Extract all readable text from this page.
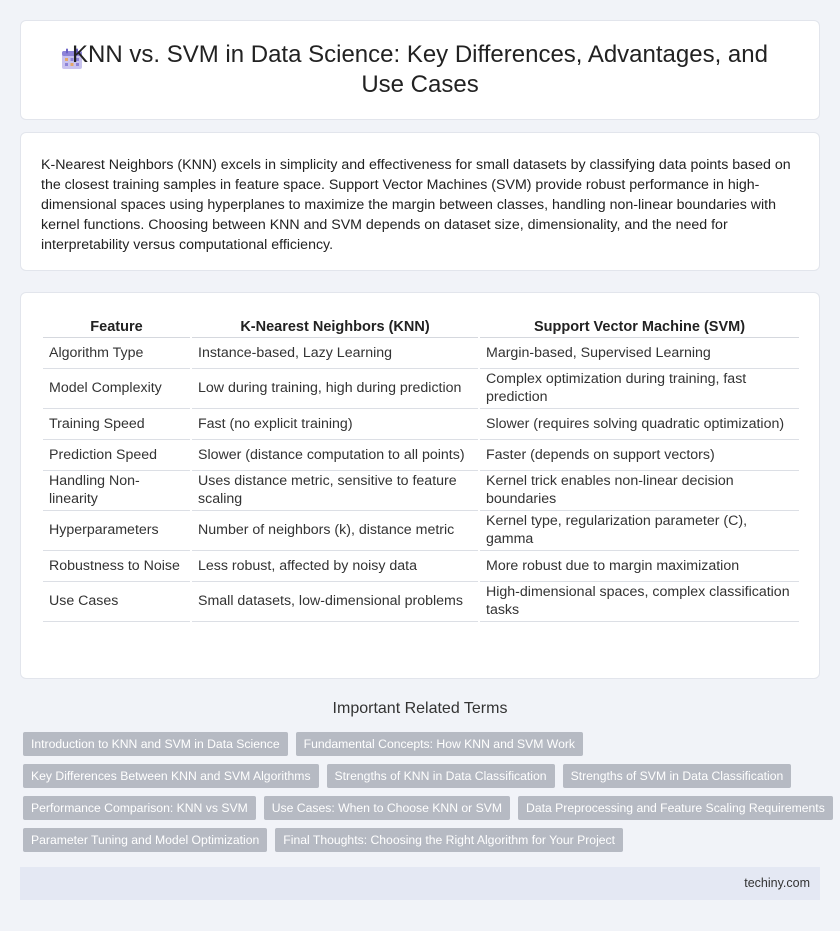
KNN vs. SVM in Data Science: Key Differences, Advantages, and Use Cases

K-Nearest Neighbors (KNN) excels in simplicity and effectiveness for small datasets by classifying data points based on the closest training samples in feature space. Support Vector Machines (SVM) provide robust performance in high-dimensional spaces using hyperplanes to maximize the margin between classes, handling non-linear boundaries with kernel functions. Choosing between KNN and SVM depends on dataset size, dimensionality, and the need for interpretability versus computational efficiency.

Feature	K-Nearest Neighbors (KNN)	Support Vector Machine (SVM)
Algorithm Type	Instance-based, Lazy Learning	Margin-based, Supervised Learning
Model Complexity	Low during training, high during prediction	Complex optimization during training, fast prediction
Training Speed	Fast (no explicit training)	Slower (requires solving quadratic optimization)
Prediction Speed	Slower (distance computation to all points)	Faster (depends on support vectors)
Handling Non-linearity	Uses distance metric, sensitive to feature scaling	Kernel trick enables non-linear decision boundaries
Hyperparameters	Number of neighbors (k), distance metric	Kernel type, regularization parameter (C), gamma
Robustness to Noise	Less robust, affected by noisy data	More robust due to margin maximization
Use Cases	Small datasets, low-dimensional problems	High-dimensional spaces, complex classification tasks
Important Related Terms
Introduction to KNN and SVM in Data Science	Fundamental Concepts: How KNN and SVM Work
Key Differences Between KNN and SVM Algorithms	Strengths of KNN in Data Classification	Strengths of SVM in Data Classification
Performance Comparison: KNN vs SVM	Use Cases: When to Choose KNN or SVM	Data Preprocessing and Feature Scaling Requirements
Parameter Tuning and Model Optimization	Final Thoughts: Choosing the Right Algorithm for Your Project
techiny.com
